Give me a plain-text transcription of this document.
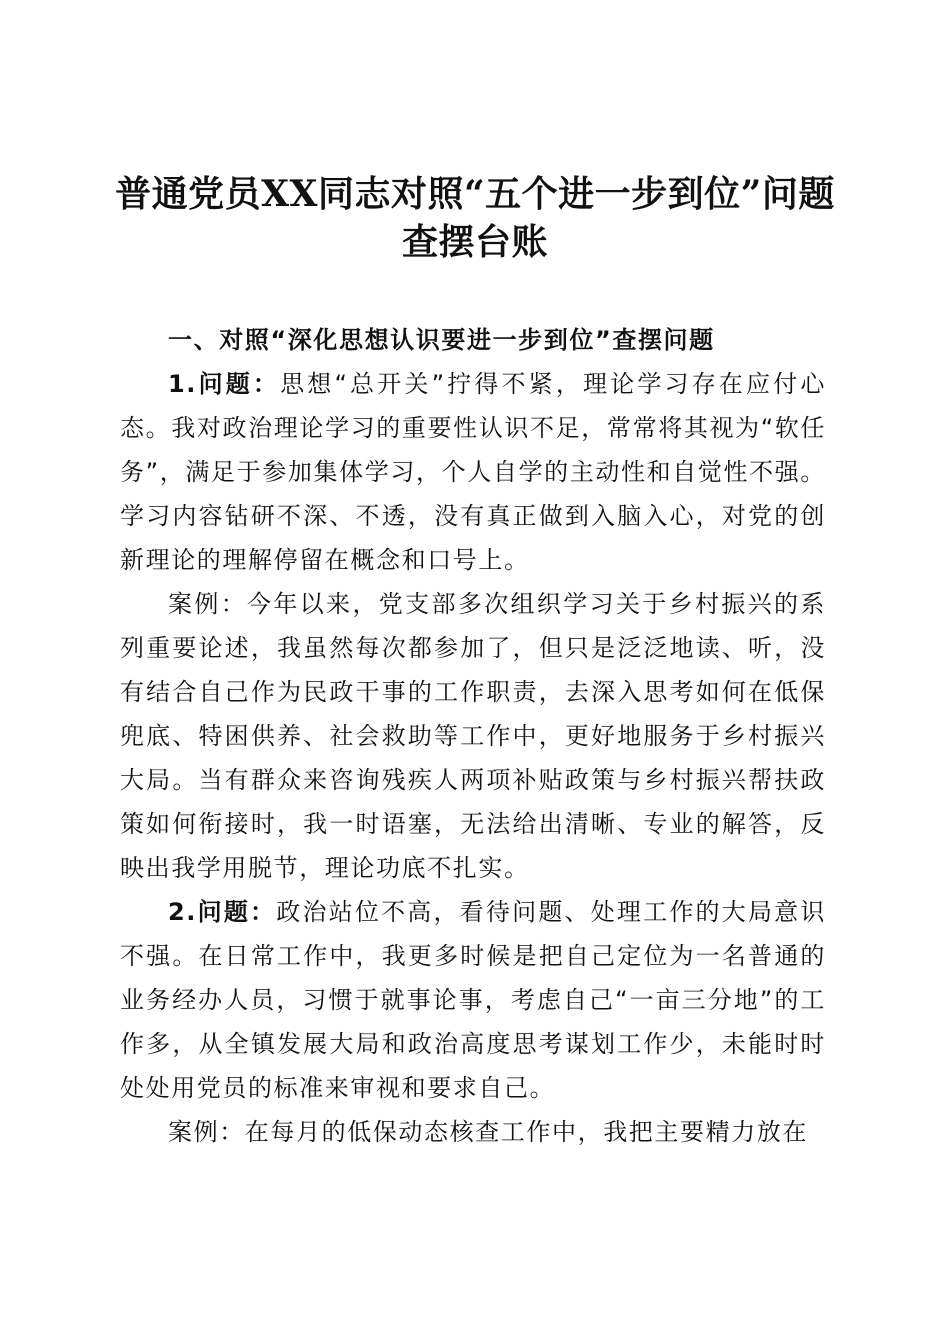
普通党员XX同志对照“五个进一步到位”问题查摆台账

一、对照“深化思想认识要进一步到位”查摆问题

1.问题：思想“总开关”拧得不紧，理论学习存在应付心态。我对政治理论学习的重要性认识不足，常常将其视为“软任务”，满足于参加集体学习，个人自学的主动性和自觉性不强。学习内容钻研不深、不透，没有真正做到入脑入心，对党的创新理论的理解停留在概念和口号上。

案例：今年以来，党支部多次组织学习关于乡村振兴的系列重要论述，我虽然每次都参加了，但只是泛泛地读、听，没有结合自己作为民政干事的工作职责，去深入思考如何在低保兜底、特困供养、社会救助等工作中，更好地服务于乡村振兴大局。当有群众来咨询残疾人两项补贴政策与乡村振兴帮扶政策如何衔接时，我一时语塞，无法给出清晰、专业的解答，反映出我学用脱节，理论功底不扎实。

2.问题：政治站位不高，看待问题、处理工作的大局意识不强。在日常工作中，我更多时候是把自己定位为一名普通的业务经办人员，习惯于就事论事，考虑自己“一亩三分地”的工作多，从全镇发展大局和政治高度思考谋划工作少，未能时时处处用党员的标准来审视和要求自己。

案例：在每月的低保动态核查工作中，我把主要精力放在
